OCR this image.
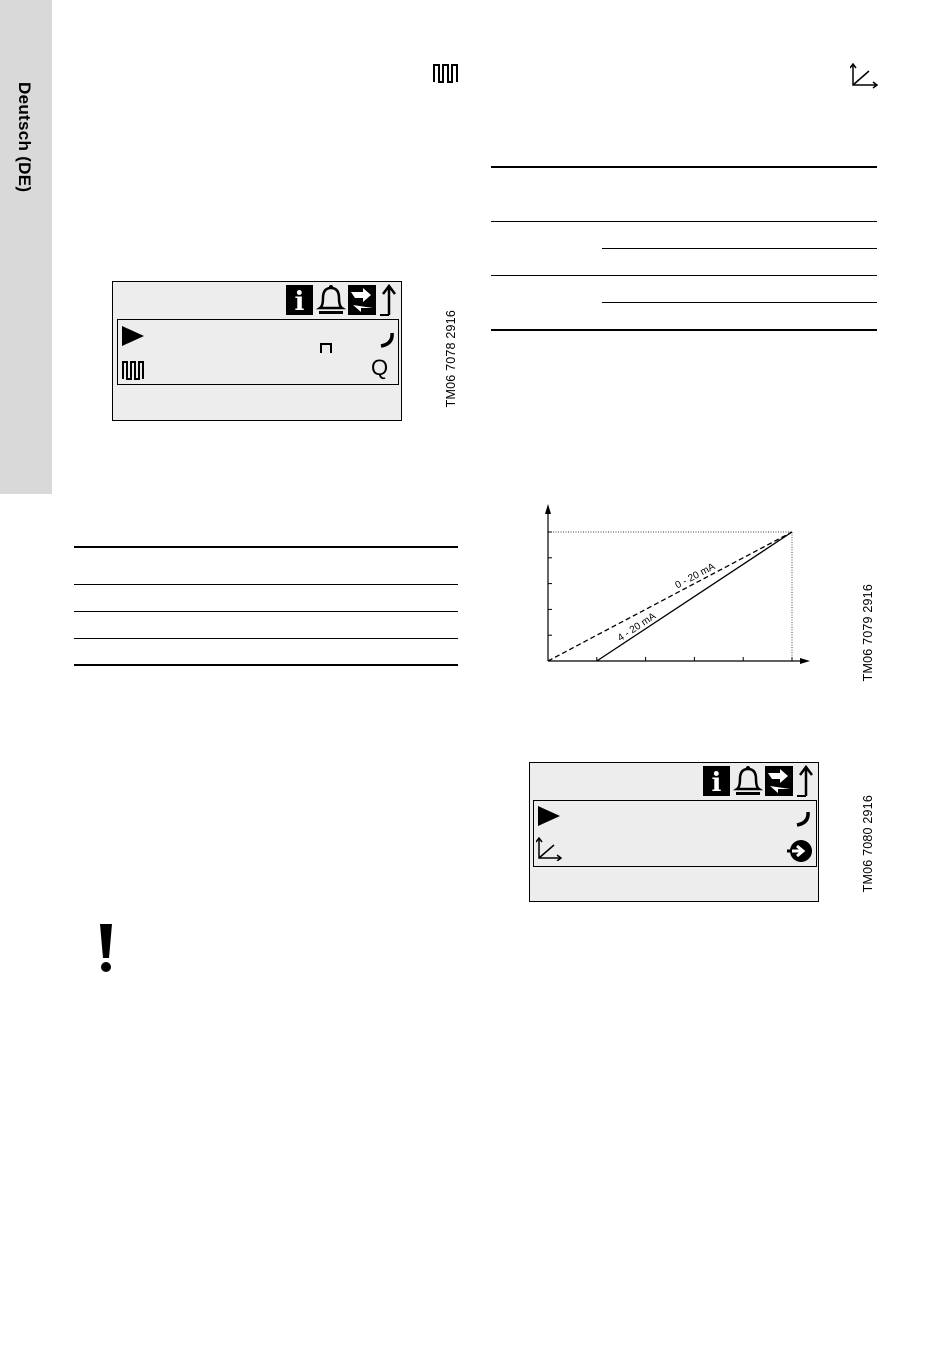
Deutsch (DE)
i
Q	TM06 7078 2916
0 - 20 mA
4 - 20 mA	TM06 7079 2916
i
TM06 7080 2916
